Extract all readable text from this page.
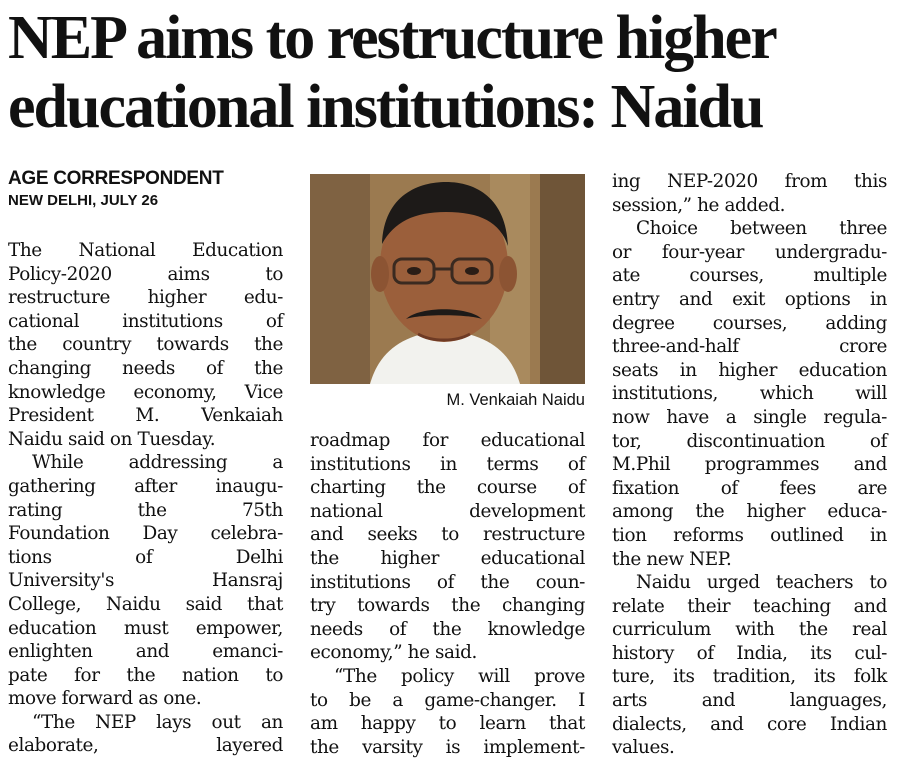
NEP aims to restructure higher
educational institutions: Naidu
AGE CORRESPONDENT
NEW DELHI, JULY 26
M. Venkaiah Naidu
The National Education
Policy-2020 aims to
restructure higher edu-
cational institutions of
the country towards the
changing needs of the
knowledge economy, Vice
President M. Venkaiah
Naidu said on Tuesday.
While addressing a
gathering after inaugu-
rating the 75th
Foundation Day celebra-
tions of Delhi
University's Hansraj
College, Naidu said that
education must empower,
enlighten and emanci-
pate for the nation to
move forward as one.
“The NEP lays out an
elaborate, layered
roadmap for educational
institutions in terms of
charting the course of
national development
and seeks to restructure
the higher educational
institutions of the coun-
try towards the changing
needs of the knowledge
economy,” he said.
“The policy will prove
to be a game-changer. I
am happy to learn that
the varsity is implement-
ing NEP-2020 from this
session,” he added.
Choice between three
or four-year undergradu-
ate courses, multiple
entry and exit options in
degree courses, adding
three-and-half crore
seats in higher education
institutions, which will
now have a single regula-
tor, discontinuation of
M.Phil programmes and
fixation of fees are
among the higher educa-
tion reforms outlined in
the new NEP.
Naidu urged teachers to
relate their teaching and
curriculum with the real
history of India, its cul-
ture, its tradition, its folk
arts and languages,
dialects, and core Indian
values.
